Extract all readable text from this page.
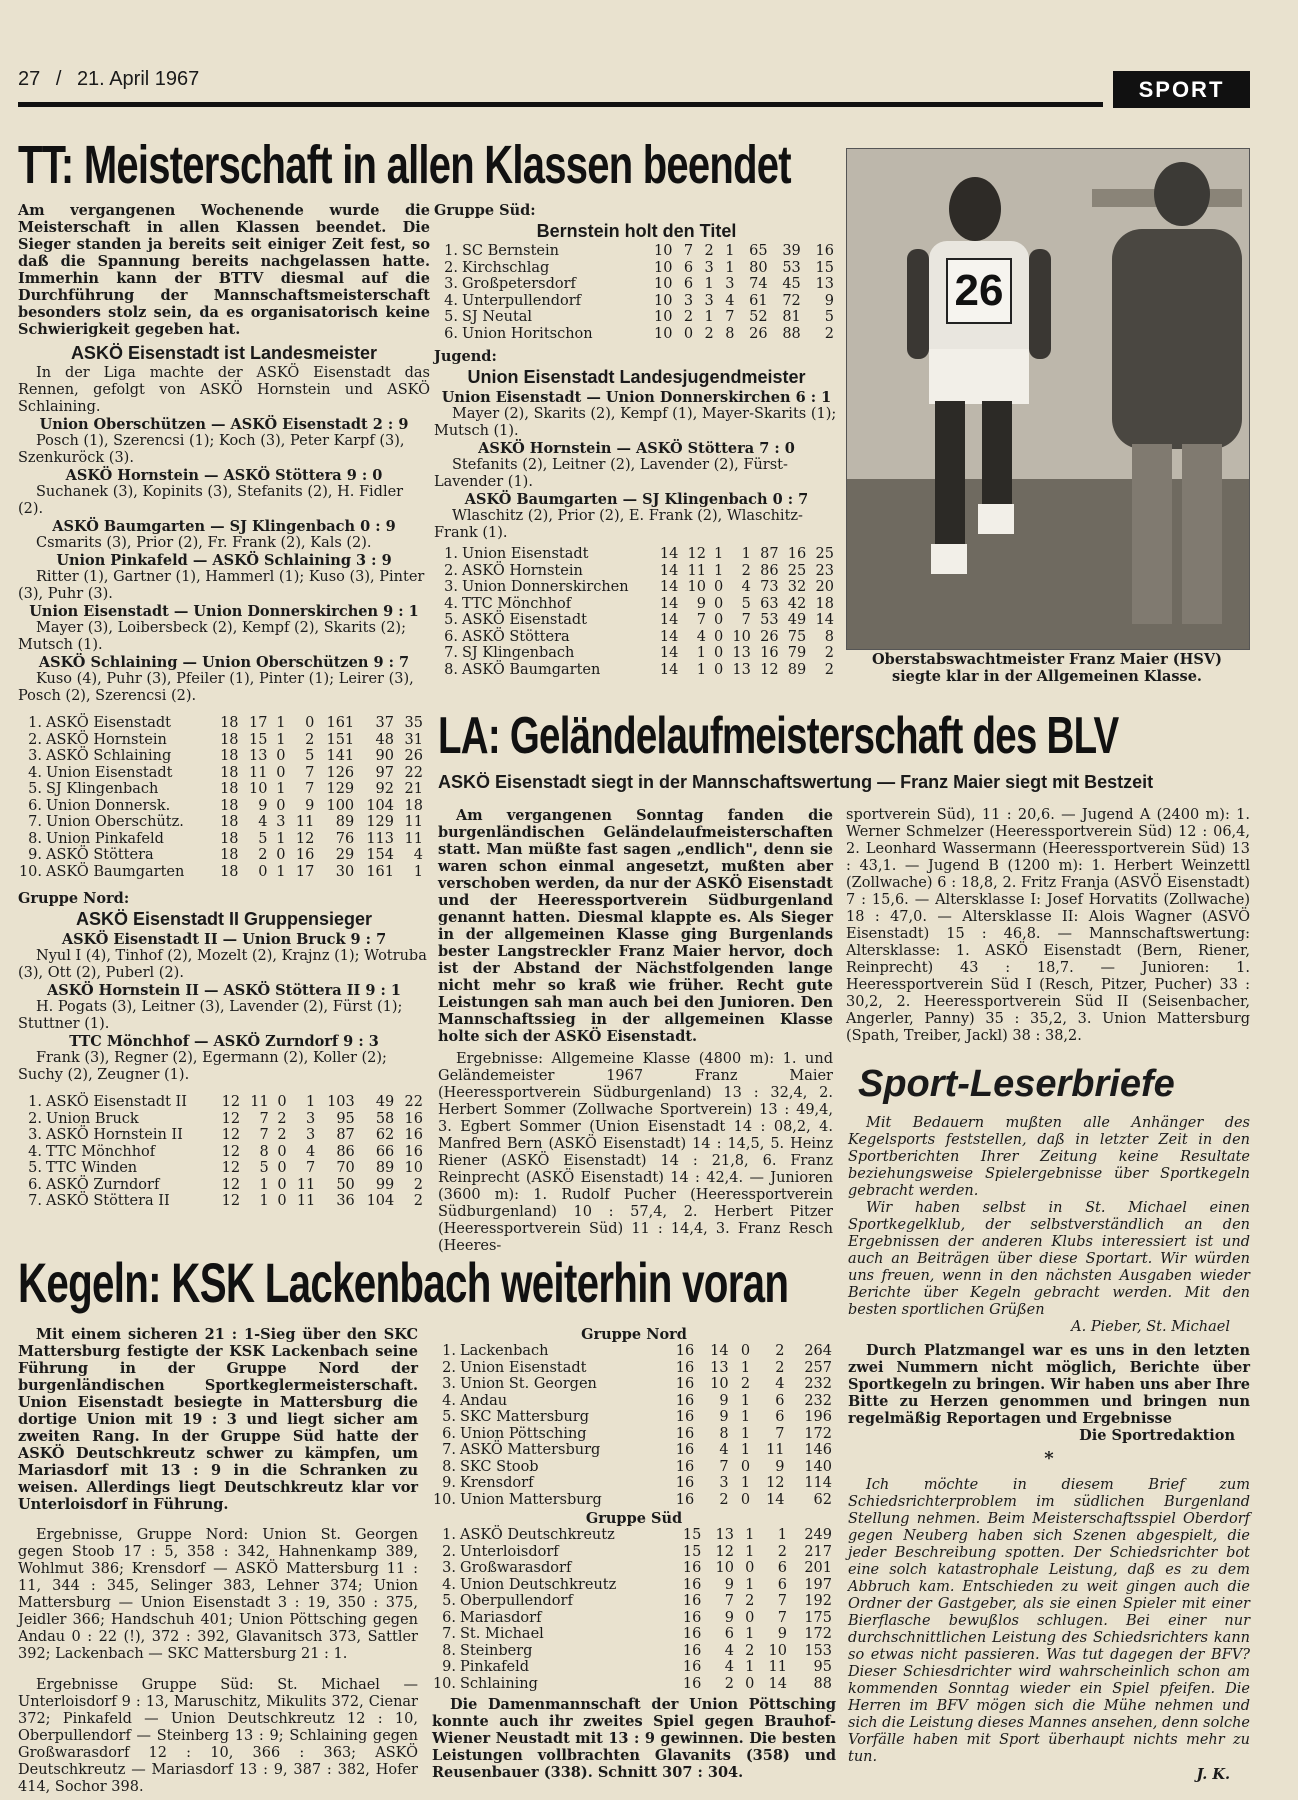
27 / 21. April 1967	SPORT
TT: Meisterschaft in allen Klassen beendet

Am vergangenen Wochenende wurde die Meisterschaft in allen Klassen beendet. Die Sieger standen ja bereits seit einiger Zeit fest, so daß die Spannung bereits nachgelassen hatte. Immerhin kann der BTTV diesmal auf die Durchführung der Mannschaftsmeisterschaft besonders stolz sein, da es organisatorisch keine Schwierigkeit gegeben hat.

ASKÖ Eisenstadt ist Landesmeister

In der Liga machte der ASKÖ Eisenstadt das Rennen, gefolgt von ASKÖ Hornstein und ASKÖ Schlaining.

Union Oberschützen — ASKÖ Eisenstadt 2 : 9

Posch (1), Szerencsi (1); Koch (3), Peter Karpf (3), Szenkuröck (3).

ASKÖ Hornstein — ASKÖ Stöttera 9 : 0

Suchanek (3), Kopinits (3), Stefanits (2), H. Fidler (2).

ASKÖ Baumgarten — SJ Klingenbach 0 : 9

Csmarits (3), Prior (2), Fr. Frank (2), Kals (2).

Union Pinkafeld — ASKÖ Schlaining 3 : 9

Ritter (1), Gartner (1), Hammerl (1); Kuso (3), Pinter (3), Puhr (3).

Union Eisenstadt — Union Donnerskirchen 9 : 1

Mayer (3), Loibersbeck (2), Kempf (2), Skarits (2); Mutsch (1).

ASKÖ Schlaining — Union Oberschützen 9 : 7

Kuso (4), Puhr (3), Pfeiler (1), Pinter (1); Leirer (3), Posch (2), Szerencsi (2).

1.	ASKÖ Eisenstadt	18	17	1	0	161	37	35
2.	ASKÖ Hornstein	18	15	1	2	151	48	31
3.	ASKÖ Schlaining	18	13	0	5	141	90	26
4.	Union Eisenstadt	18	11	0	7	126	97	22
5.	SJ Klingenbach	18	10	1	7	129	92	21
6.	Union Donnersk.	18	9	0	9	100	104	18
7.	Union Oberschütz.	18	4	3	11	89	129	11
8.	Union Pinkafeld	18	5	1	12	76	113	11
9.	ASKÖ Stöttera	18	2	0	16	29	154	4
10.	ASKÖ Baumgarten	18	0	1	17	30	161	1

Gruppe Nord:

ASKÖ Eisenstadt II Gruppensieger

ASKÖ Eisenstadt II — Union Bruck 9 : 7

Nyul I (4), Tinhof (2), Mozelt (2), Krajnz (1); Wotruba (3), Ott (2), Puberl (2).

ASKÖ Hornstein II — ASKÖ Stöttera II 9 : 1

H. Pogats (3), Leitner (3), Lavender (2), Fürst (1); Stuttner (1).

TTC Mönchhof — ASKÖ Zurndorf 9 : 3

Frank (3), Regner (2), Egermann (2), Koller (2); Suchy (2), Zeugner (1).

1.	ASKÖ Eisenstadt II	12	11	0	1	103	49	22
2.	Union Bruck	12	7	2	3	95	58	16
3.	ASKÖ Hornstein II	12	7	2	3	87	62	16
4.	TTC Mönchhof	12	8	0	4	86	66	16
5.	TTC Winden	12	5	0	7	70	89	10
6.	ASKÖ Zurndorf	12	1	0	11	50	99	2
7.	ASKÖ Stöttera II	12	1	0	11	36	104	2

Gruppe Süd:

Bernstein holt den Titel
1.	SC Bernstein	10	7	2	1	65	39	16
2.	Kirchschlag	10	6	3	1	80	53	15
3.	Großpetersdorf	10	6	1	3	74	45	13
4.	Unterpullendorf	10	3	3	4	61	72	9
5.	SJ Neutal	10	2	1	7	52	81	5
6.	Union Horitschon	10	0	2	8	26	88	2

Jugend:

Union Eisenstadt Landesjugendmeister

Union Eisenstadt — Union Donnerskirchen 6 : 1

Mayer (2), Skarits (2), Kempf (1), Mayer-Skarits (1); Mutsch (1).

ASKÖ Hornstein — ASKÖ Stöttera 7 : 0

Stefanits (2), Leitner (2), Lavender (2), Fürst-Lavender (1).

ASKÖ Baumgarten — SJ Klingenbach 0 : 7

Wlaschitz (2), Prior (2), E. Frank (2), Wlaschitz-Frank (1).

1.	Union Eisenstadt	14	12	1	1	87	16	25
2.	ASKÖ Hornstein	14	11	1	2	86	25	23
3.	Union Donnerskirchen	14	10	0	4	73	32	20
4.	TTC Mönchhof	14	9	0	5	63	42	18
5.	ASKÖ Eisenstadt	14	7	0	7	53	49	14
6.	ASKÖ Stöttera	14	4	0	10	26	75	8
7.	SJ Klingenbach	14	1	0	13	16	79	2
8.	ASKÖ Baumgarten	14	1	0	13	12	89	2
26
Oberstabswachtmeister Franz Maier (HSV) siegte klar in der Allgemeinen Klasse.
LA: Geländelaufmeisterschaft des BLV
ASKÖ Eisenstadt siegt in der Mannschaftswertung — Franz Maier siegt mit Bestzeit

Am vergangenen Sonntag fanden die burgenländischen Geländelaufmeisterschaften statt. Man müßte fast sagen „endlich", denn sie waren schon einmal angesetzt, mußten aber verschoben werden, da nur der ASKÖ Eisenstadt und der Heeressportverein Südburgenland genannt hatten. Diesmal klappte es. Als Sieger in der allgemeinen Klasse ging Burgenlands bester Langstreckler Franz Maier hervor, doch ist der Abstand der Nächstfolgenden lange nicht mehr so kraß wie früher. Recht gute Leistungen sah man auch bei den Junioren. Den Mannschaftssieg in der allgemeinen Klasse holte sich der ASKÖ Eisenstadt.

Ergebnisse: Allgemeine Klasse (4800 m): 1. und Geländemeister 1967 Franz Maier (Heeressportverein Südburgenland) 13 : 32,4, 2. Herbert Sommer (Zollwache Sportverein) 13 : 49,4, 3. Egbert Sommer (Union Eisenstadt 14 : 08,2, 4. Manfred Bern (ASKÖ Eisenstadt) 14 : 14,5, 5. Heinz Riener (ASKÖ Eisenstadt) 14 : 21,8, 6. Franz Reinprecht (ASKÖ Eisenstadt) 14 : 42,4. — Junioren (3600 m): 1. Rudolf Pucher (Heeressportverein Südburgenland) 10 : 57,4, 2. Herbert Pitzer (Heeressportverein Süd) 11 : 14,4, 3. Franz Resch (Heeres-

sportverein Süd), 11 : 20,6. — Jugend A (2400 m): 1. Werner Schmelzer (Heeressportverein Süd) 12 : 06,4, 2. Leonhard Wassermann (Heeressportverein Süd) 13 : 43,1. — Jugend B (1200 m): 1. Herbert Weinzettl (Zollwache) 6 : 18,8, 2. Fritz Franja (ASVÖ Eisenstadt) 7 : 15,6. — Altersklasse I: Josef Horvatits (Zollwache) 18 : 47,0. — Altersklasse II: Alois Wagner (ASVÖ Eisenstadt) 15 : 46,8. — Mannschaftswertung: Altersklasse: 1. ASKÖ Eisenstadt (Bern, Riener, Reinprecht) 43 : 18,7. — Junioren: 1. Heeressportverein Süd I (Resch, Pitzer, Pucher) 33 : 30,2, 2. Heeressportverein Süd II (Seisenbacher, Angerler, Panny) 35 : 35,2, 3. Union Mattersburg (Spath, Treiber, Jackl) 38 : 38,2.

Sport-Leserbriefe

Mit Bedauern mußten alle Anhänger des Kegelsports feststellen, daß in letzter Zeit in den Sportberichten Ihrer Zeitung keine Resultate beziehungsweise Spielergebnisse über Sportkegeln gebracht werden.

Wir haben selbst in St. Michael einen Sportkegelklub, der selbstverständlich an den Ergebnissen der anderen Klubs interessiert ist und auch an Beiträgen über diese Sportart. Wir würden uns freuen, wenn in den nächsten Ausgaben wieder Berichte über Kegeln gebracht werden. Mit den besten sportlichen Grüßen

A. Pieber, St. Michael

Durch Platzmangel war es uns in den letzten zwei Nummern nicht möglich, Berichte über Sportkegeln zu bringen. Wir haben uns aber Ihre Bitte zu Herzen genommen und bringen nun regelmäßig Reportagen und Ergebnisse

Die Sportredaktion

*

Ich möchte in diesem Brief zum Schiedsrichterproblem im südlichen Burgenland Stellung nehmen. Beim Meisterschaftsspiel Oberdorf gegen Neuberg haben sich Szenen abgespielt, die jeder Beschreibung spotten. Der Schiedsrichter bot eine solch katastrophale Leistung, daß es zu dem Abbruch kam. Entschieden zu weit gingen auch die Ordner der Gastgeber, als sie einen Spieler mit einer Bierflasche bewußlos schlugen. Bei einer nur durchschnittlichen Leistung des Schiedsrichters kann so etwas nicht passieren. Was tut dagegen der BFV? Dieser Schiesdrichter wird wahrscheinlich schon am kommenden Sonntag wieder ein Spiel pfeifen. Die Herren im BFV mögen sich die Mühe nehmen und sich die Leistung dieses Mannes ansehen, denn solche Vorfälle haben mit Sport überhaupt nichts mehr zu tun.

J. K.

Kegeln: KSK Lackenbach weiterhin voran

Mit einem sicheren 21 : 1-Sieg über den SKC Mattersburg festigte der KSK Lackenbach seine Führung in der Gruppe Nord der burgenländischen Sportkeglermeisterschaft. Union Eisenstadt besiegte in Mattersburg die dortige Union mit 19 : 3 und liegt sicher am zweiten Rang. In der Gruppe Süd hatte der ASKÖ Deutschkreutz schwer zu kämpfen, um Mariasdorf mit 13 : 9 in die Schranken zu weisen. Allerdings liegt Deutschkreutz klar vor Unterloisdorf in Führung.

Ergebnisse, Gruppe Nord: Union St. Georgen gegen Stoob 17 : 5, 358 : 342, Hahnenkamp 389, Wohlmut 386; Krensdorf — ASKÖ Mattersburg 11 : 11, 344 : 345, Selinger 383, Lehner 374; Union Mattersburg — Union Eisenstadt 3 : 19, 350 : 375, Jeidler 366; Handschuh 401; Union Pöttsching gegen Andau 0 : 22 (!), 372 : 392, Glavanitsch 373, Sattler 392; Lackenbach — SKC Mattersburg 21 : 1.

Ergebnisse Gruppe Süd: St. Michael — Unterloisdorf 9 : 13, Maruschitz, Mikulits 372, Cienar 372; Pinkafeld — Union Deutschkreutz 12 : 10, Oberpullendorf — Steinberg 13 : 9; Schlaining gegen Großwarasdorf 12 : 10, 366 : 363; ASKÖ Deutschkreutz — Mariasdorf 13 : 9, 387 : 382, Hofer 414, Sochor 398.

Gruppe Nord

1.	Lackenbach	16	14	0	2	264
2.	Union Eisenstadt	16	13	1	2	257
3.	Union St. Georgen	16	10	2	4	232
4.	Andau	16	9	1	6	232
5.	SKC Mattersburg	16	9	1	6	196
6.	Union Pöttsching	16	8	1	7	172
7.	ASKÖ Mattersburg	16	4	1	11	146
8.	SKC Stoob	16	7	0	9	140
9.	Krensdorf	16	3	1	12	114
10.	Union Mattersburg	16	2	0	14	62

Gruppe Süd

1.	ASKÖ Deutschkreutz	15	13	1	1	249
2.	Unterloisdorf	15	12	1	2	217
3.	Großwarasdorf	16	10	0	6	201
4.	Union Deutschkreutz	16	9	1	6	197
5.	Oberpullendorf	16	7	2	7	192
6.	Mariasdorf	16	9	0	7	175
7.	St. Michael	16	6	1	9	172
8.	Steinberg	16	4	2	10	153
9.	Pinkafeld	16	4	1	11	95
10.	Schlaining	16	2	0	14	88

Die Damenmannschaft der Union Pöttsching konnte auch ihr zweites Spiel gegen Brauhof-Wiener Neustadt mit 13 : 9 gewinnen. Die besten Leistungen vollbrachten Glavanits (358) und Reusenbauer (338). Schnitt 307 : 304.
